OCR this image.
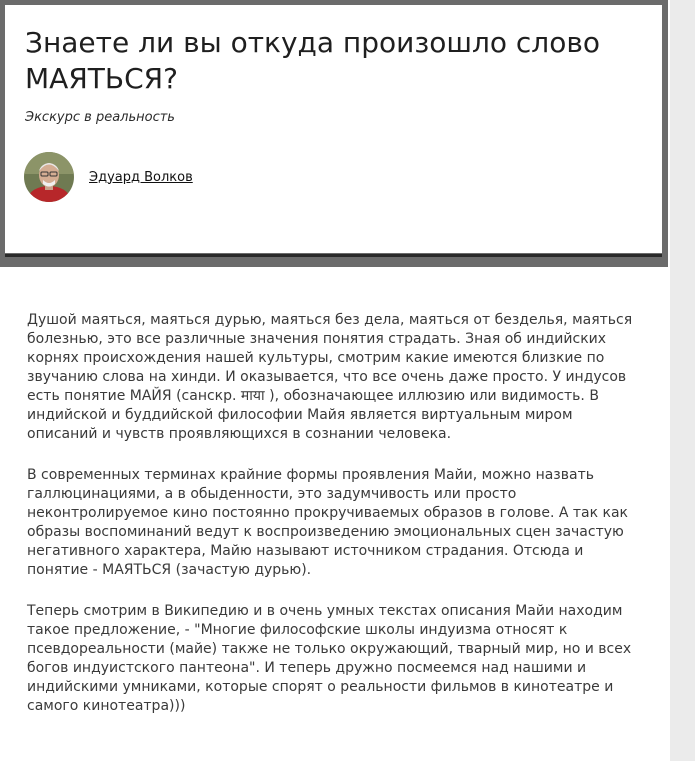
Знаете ли вы откуда произошло слово МАЯТЬСЯ?
Экскурс в реальность
Эдуард Волков

Душой маяться, маяться дурью, маяться без дела, маяться от безделья, маяться болезнью, это все различные значения понятия страдать. Зная об индийских корнях происхождения нашей культуры, смотрим какие имеются близкие по звучанию слова на хинди. И оказывается, что все очень даже просто. У индусов есть понятие МАЙЯ (санскр. माया ), обозначающее иллюзию или видимость. В индийской и буддийской философии Майя является виртуальным миром описаний и чувств проявляющихся в сознании человека.

В современных терминах крайние формы проявления Майи, можно назвать галлюцинациями, а в обыденности, это задумчивость или просто неконтролируемое кино постоянно прокручиваемых образов в голове. А так как образы воспоминаний ведут к воспроизведению эмоциональных сцен зачастую негативного характера, Майю называют источником страдания. Отсюда и понятие - МАЯТЬСЯ (зачастую дурью).

Теперь смотрим в Википедию и в очень умных текстах описания Майи находим такое предложение, - "Многие философские школы индуизма относят к псевдореальности (майе) также не только окружающий, тварный мир, но и всех богов индуистского пантеона". И теперь дружно посмеемся над нашими и индийскими умниками, которые спорят о реальности фильмов в кинотеатре и самого кинотеатра)))
